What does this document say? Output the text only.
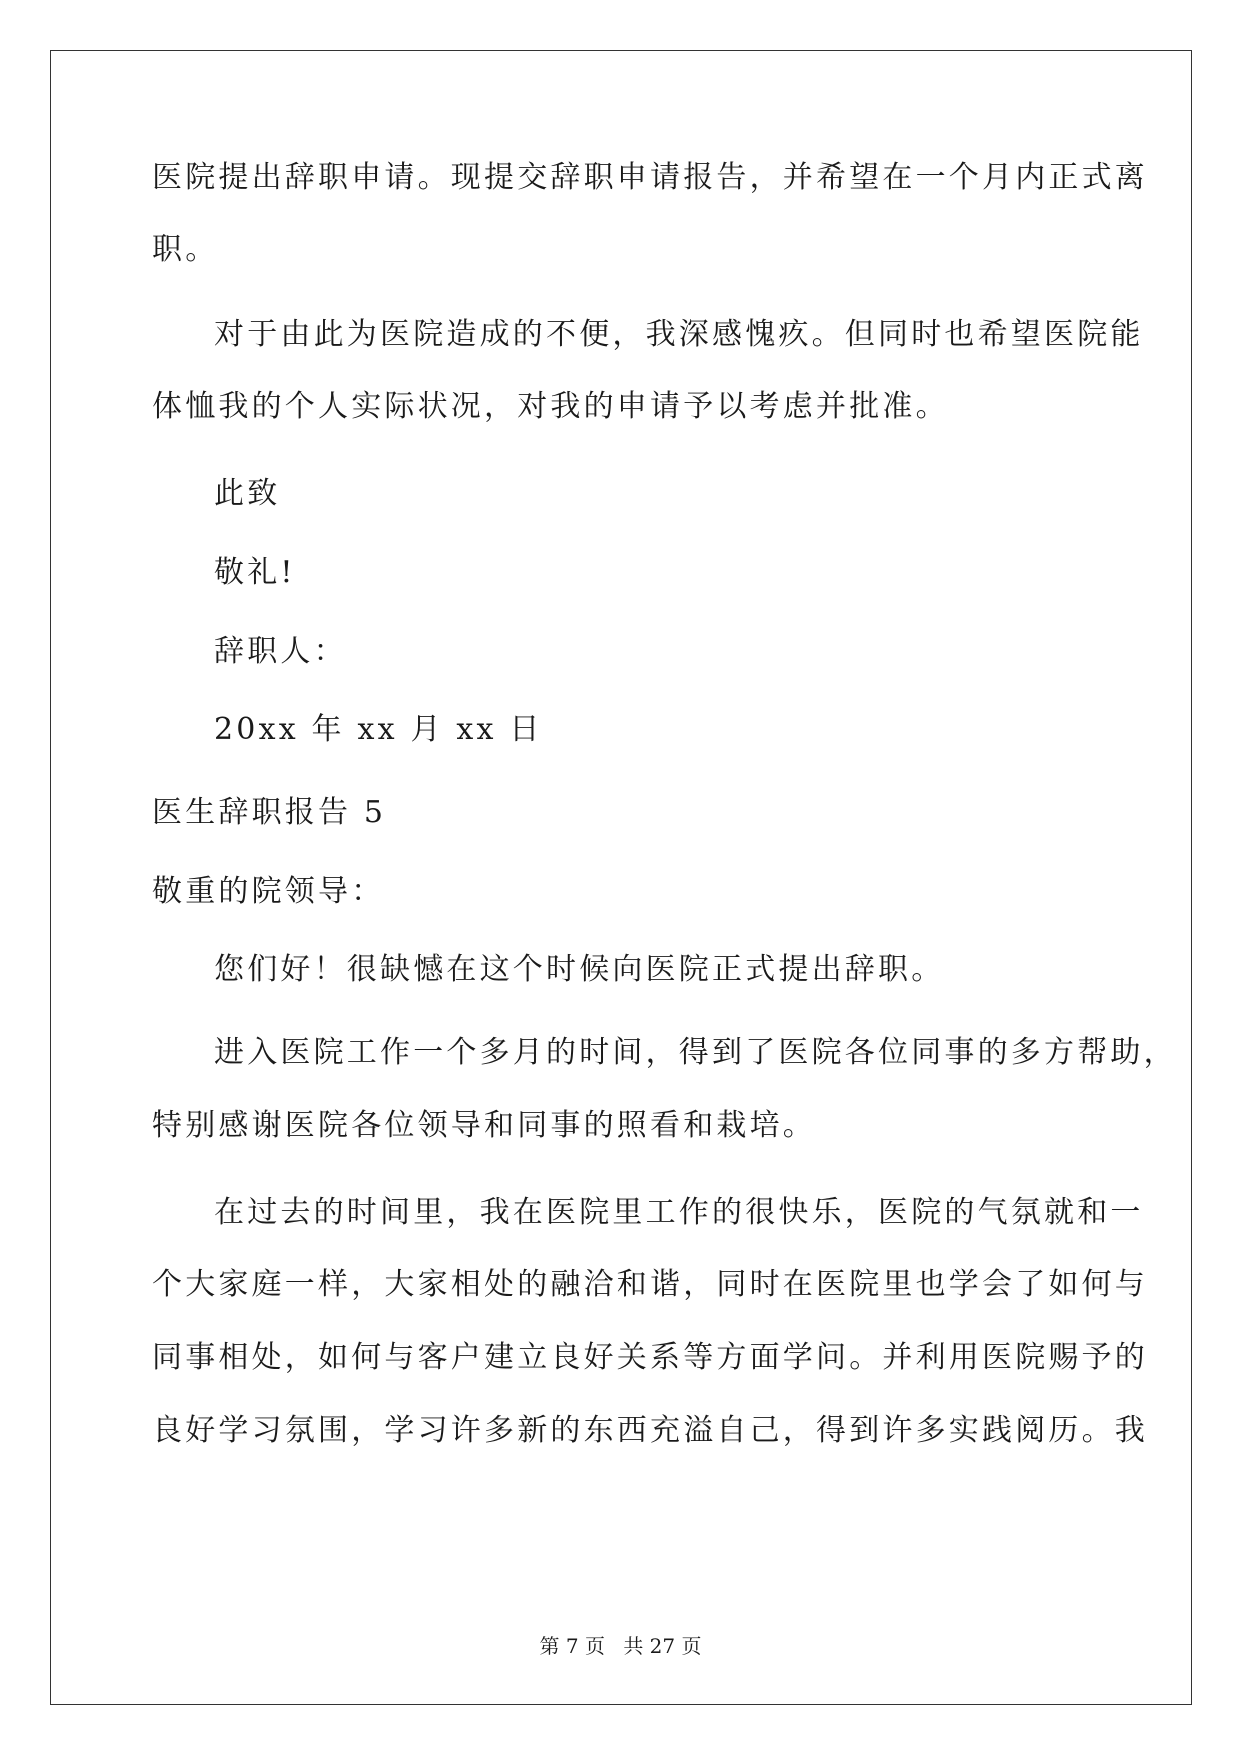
医院提出辞职申请。现提交辞职申请报告，并希望在一个月内正式离
职。
对于由此为医院造成的不便，我深感愧疚。但同时也希望医院能
体恤我的个人实际状况，对我的申请予以考虑并批准。
此致
敬礼!
辞职人：
20xx 年 xx 月 xx 日
医生辞职报告 5
敬重的院领导：
您们好！很缺憾在这个时候向医院正式提出辞职。
进入医院工作一个多月的时间，得到了医院各位同事的多方帮助，
特别感谢医院各位领导和同事的照看和栽培。
在过去的时间里，我在医院里工作的很快乐，医院的气氛就和一
个大家庭一样，大家相处的融洽和谐，同时在医院里也学会了如何与
同事相处，如何与客户建立良好关系等方面学问。并利用医院赐予的
良好学习氛围，学习许多新的东西充溢自己，得到许多实践阅历。我
第 7 页 共 27 页
